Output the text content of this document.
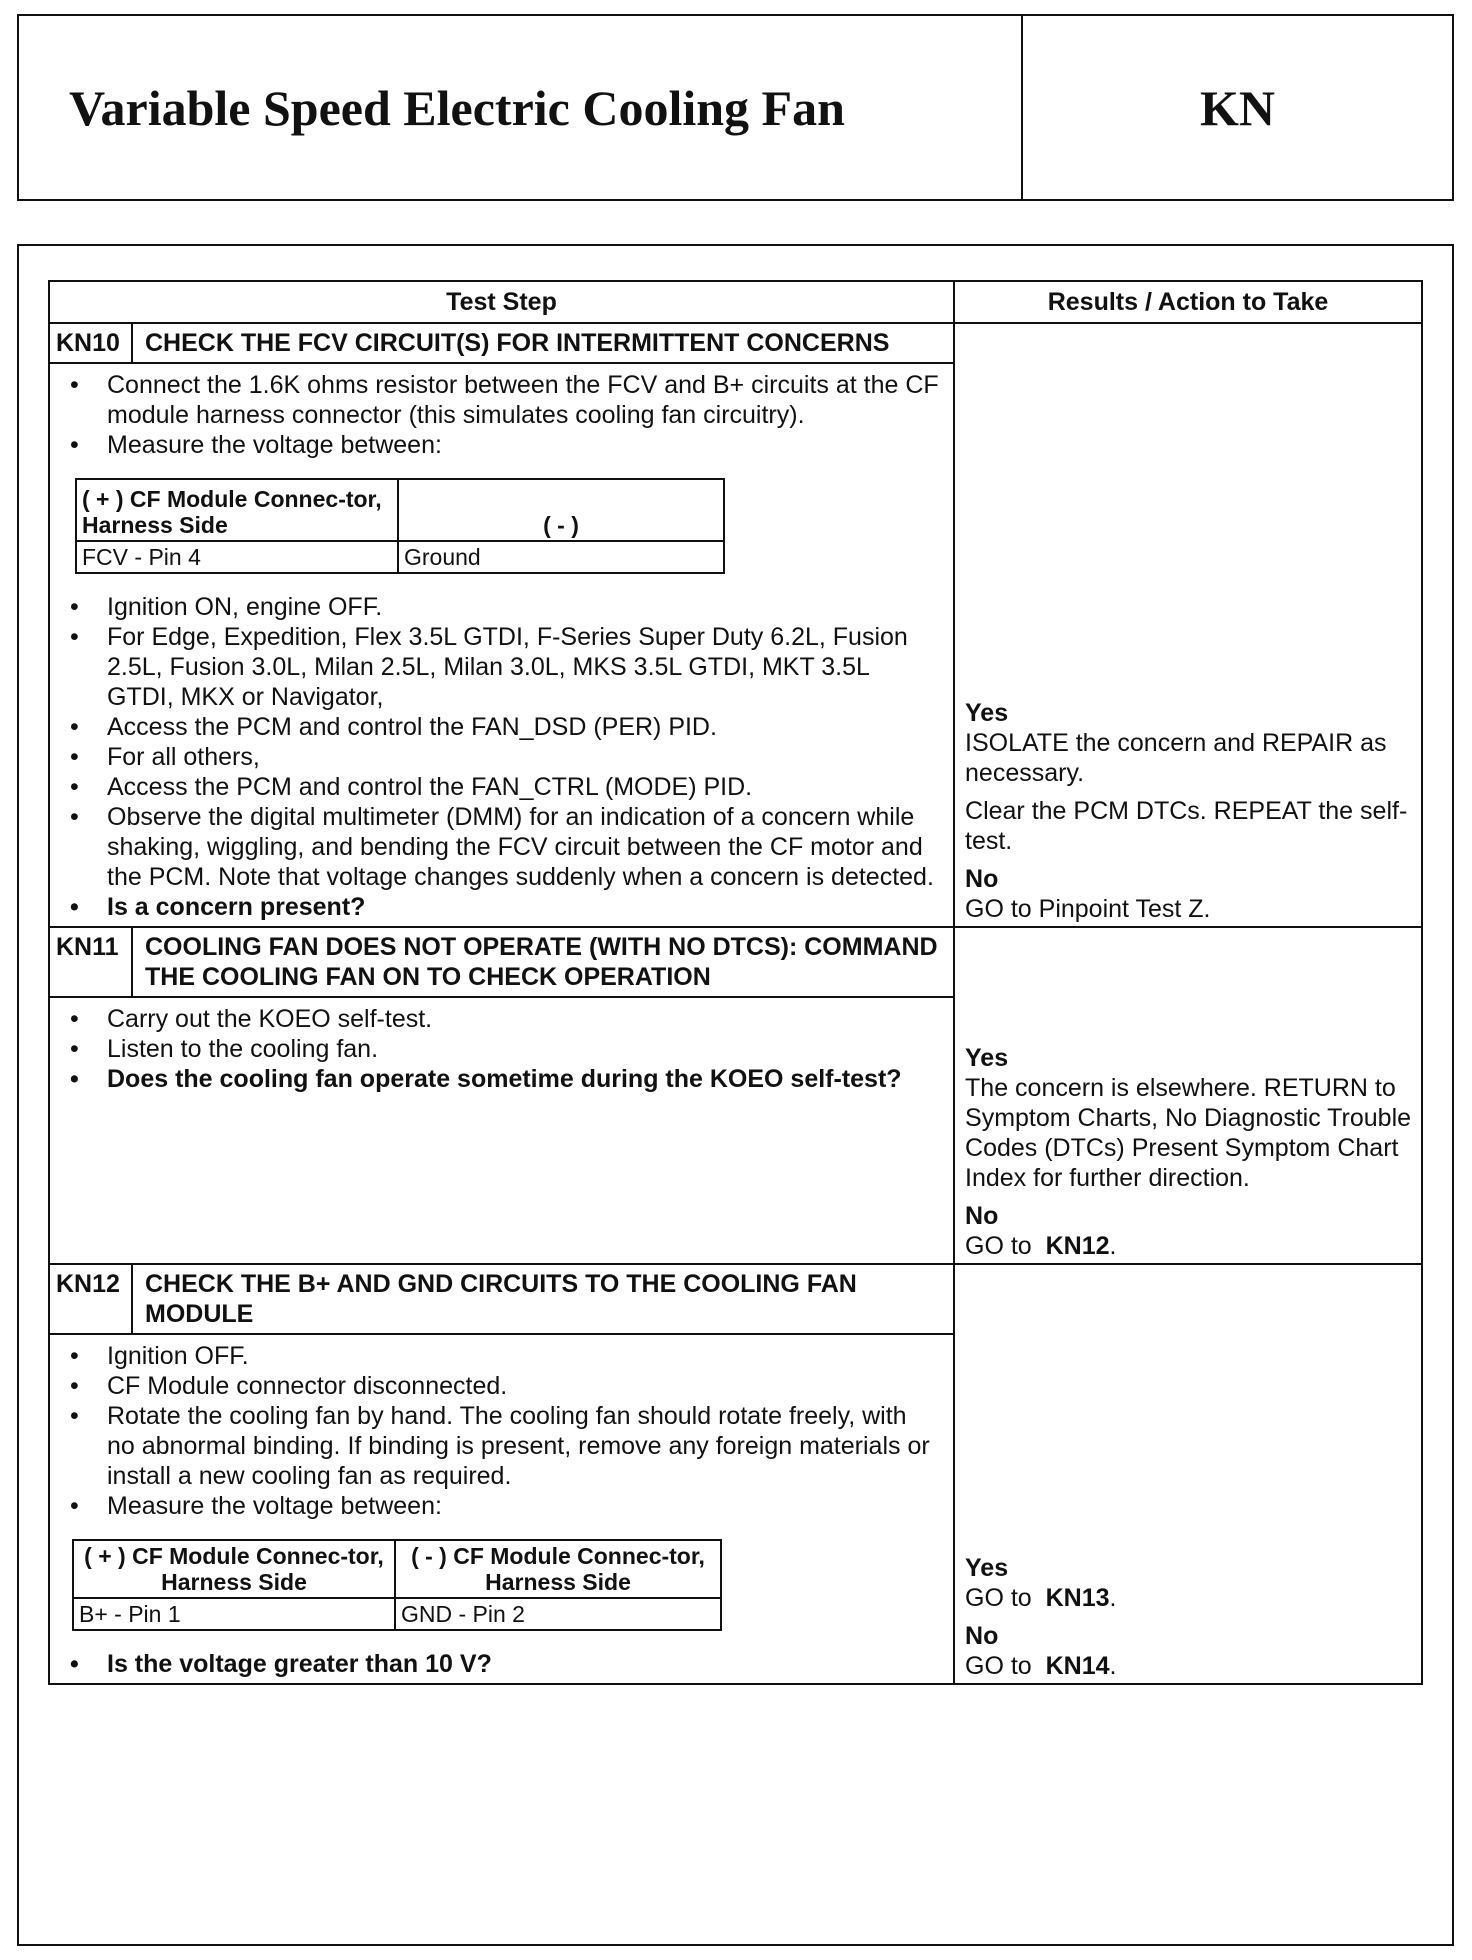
Variable Speed Electric Cooling Fan	KN
Test Step	Results / Action to Take
KN10	CHECK THE FCV CIRCUIT(S) FOR INTERMITTENT CONCERNS	
Yes
ISOLATE the concern and REPAIR as necessary.
Clear the PCM DTCs. REPEAT the self-test.
No
GO to Pinpoint Test Z.

• Connect the 1.6K ohms resistor between the FCV and B+ circuits at the CF module harness connector (this simulates cooling fan circuitry).
• Measure the voltage between:
( + ) CF Module Connec-tor, Harness Side	( - )
FCV - Pin 4	Ground
• Ignition ON, engine OFF.
• For Edge, Expedition, Flex 3.5L GTDI, F-Series Super Duty 6.2L, Fusion 2.5L, Fusion 3.0L, Milan 2.5L, Milan 3.0L, MKS 3.5L GTDI, MKT 3.5L GTDI, MKX or Navigator,
• Access the PCM and control the FAN_DSD (PER) PID.
• For all others,
• Access the PCM and control the FAN_CTRL (MODE) PID.
• Observe the digital multimeter (DMM) for an indication of a concern while shaking, wiggling, and bending the FCV circuit between the CF motor and the PCM. Note that voltage changes suddenly when a concern is detected.
• Is a concern present?

KN11	COOLING FAN DOES NOT OPERATE (WITH NO DTCS): COMMAND THE COOLING FAN ON TO CHECK OPERATION	
Yes
The concern is elsewhere. RETURN to Symptom Charts, No Diagnostic Trouble Codes (DTCs) Present Symptom Chart Index for further direction.
No
GO to KN12.

• Carry out the KOEO self-test.
• Listen to the cooling fan.
• Does the cooling fan operate sometime during the KOEO self-test?

KN12	CHECK THE B+ AND GND CIRCUITS TO THE COOLING FAN MODULE	
Yes
GO to KN13.
No
GO to KN14.

• Ignition OFF.
• CF Module connector disconnected.
• Rotate the cooling fan by hand. The cooling fan should rotate freely, with no abnormal binding. If binding is present, remove any foreign materials or install a new cooling fan as required.
• Measure the voltage between:
( + ) CF Module Connec-tor, Harness Side	( - ) CF Module Connec-tor, Harness Side
B+ - Pin 1	GND - Pin 2
• Is the voltage greater than 10 V?
